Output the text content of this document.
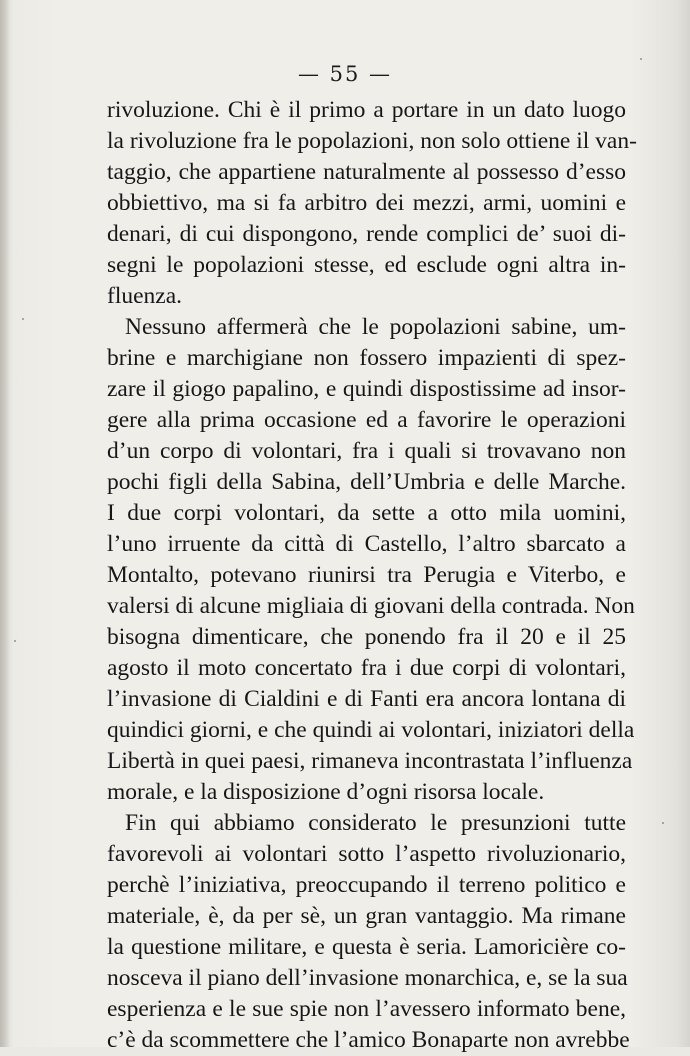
— 55 —
rivoluzione. Chi è il primo a portare in un dato luogo
la rivoluzione fra le popolazioni, non solo ottiene il van-
taggio, che appartiene naturalmente al possesso d’esso
obbiettivo, ma si fa arbitro dei mezzi, armi, uomini e
denari, di cui dispongono, rende complici de’ suoi di-
segni le popolazioni stesse, ed esclude ogni altra in-
fluenza.
Nessuno affermerà che le popolazioni sabine, um-
brine e marchigiane non fossero impazienti di spez-
zare il giogo papalino, e quindi dispostissime ad insor-
gere alla prima occasione ed a favorire le operazioni
d’un corpo di volontari, fra i quali si trovavano non
pochi figli della Sabina, dell’Umbria e delle Marche.
I due corpi volontari, da sette a otto mila uomini,
l’uno irruente da città di Castello, l’altro sbarcato a
Montalto, potevano riunirsi tra Perugia e Viterbo, e
valersi di alcune migliaia di giovani della contrada. Non
bisogna dimenticare, che ponendo fra il 20 e il 25
agosto il moto concertato fra i due corpi di volontari,
l’invasione di Cialdini e di Fanti era ancora lontana di
quindici giorni, e che quindi ai volontari, iniziatori della
Libertà in quei paesi, rimaneva incontrastata l’influenza
morale, e la disposizione d’ogni risorsa locale.
Fin qui abbiamo considerato le presunzioni tutte
favorevoli ai volontari sotto l’aspetto rivoluzionario,
perchè l’iniziativa, preoccupando il terreno politico e
materiale, è, da per sè, un gran vantaggio. Ma rimane
la questione militare, e questa è seria. Lamoricière co-
nosceva il piano dell’invasione monarchica, e, se la sua
esperienza e le sue spie non l’avessero informato bene,
c’è da scommettere che l’amico Bonaparte non avrebbe
